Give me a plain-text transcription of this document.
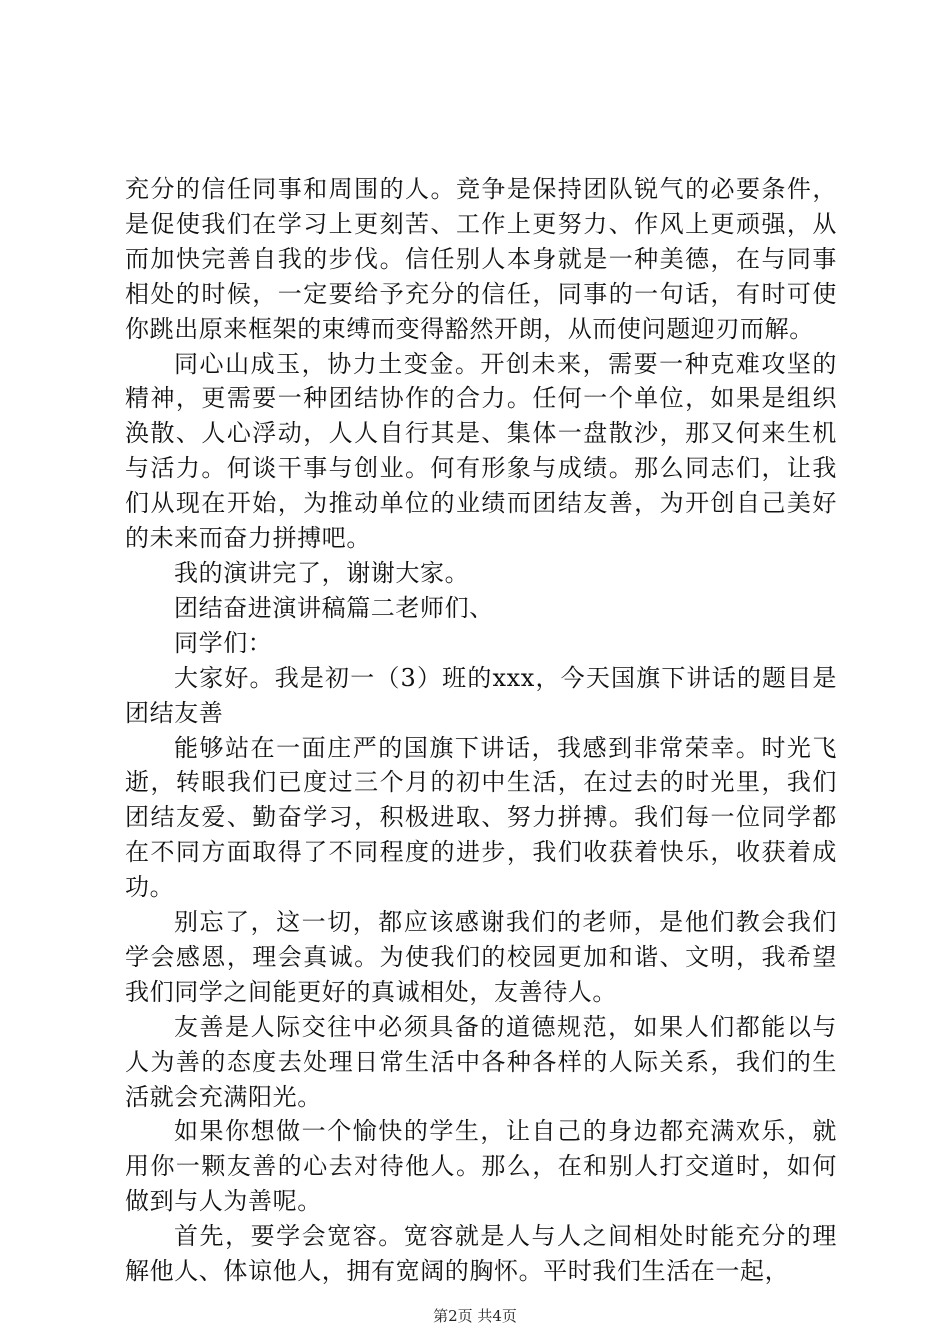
充分的信任同事和周围的人。竞争是保持团队锐气的必要条件，是促使我们在学习上更刻苦、工作上更努力、作风上更顽强，从而加快完善自我的步伐。信任别人本身就是一种美德，在与同事相处的时候，一定要给予充分的信任，同事的一句话，有时可使你跳出原来框架的束缚而变得豁然开朗，从而使问题迎刃而解。

同心山成玉，协力土变金。开创未来，需要一种克难攻坚的精神，更需要一种团结协作的合力。任何一个单位，如果是组织涣散、人心浮动，人人自行其是、集体一盘散沙，那又何来生机与活力。何谈干事与创业。何有形象与成绩。那么同志们，让我们从现在开始，为推动单位的业绩而团结友善，为开创自己美好的未来而奋力拼搏吧。

我的演讲完了，谢谢大家。

团结奋进演讲稿篇二老师们、

同学们：

大家好。我是初一（3）班的xxx，今天国旗下讲话的题目是团结友善

能够站在一面庄严的国旗下讲话，我感到非常荣幸。时光飞逝，转眼我们已度过三个月的初中生活，在过去的时光里，我们团结友爱、勤奋学习，积极进取、努力拼搏。我们每一位同学都在不同方面取得了不同程度的进步，我们收获着快乐，收获着成功。

别忘了，这一切，都应该感谢我们的老师，是他们教会我们学会感恩，理会真诚。为使我们的校园更加和谐、文明，我希望我们同学之间能更好的真诚相处，友善待人。

友善是人际交往中必须具备的道德规范，如果人们都能以与人为善的态度去处理日常生活中各种各样的人际关系，我们的生活就会充满阳光。

如果你想做一个愉快的学生，让自己的身边都充满欢乐，就用你一颗友善的心去对待他人。那么，在和别人打交道时，如何做到与人为善呢。

首先，要学会宽容。宽容就是人与人之间相处时能充分的理解他人、体谅他人，拥有宽阔的胸怀。平时我们生活在一起，

第2页 共4页
